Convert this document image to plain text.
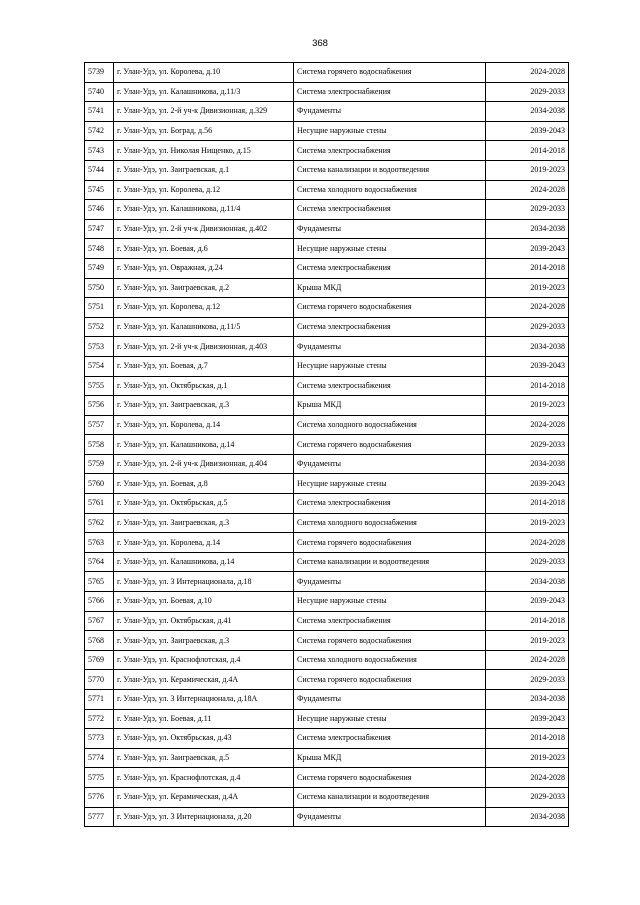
368
5739	г. Улан-Удэ, ул. Королева, д.10	Система горячего водоснабжения	2024-2028
5740	г. Улан-Удэ, ул. Калашникова, д.11/3	Система электроснабжения	2029-2033
5741	г. Улан-Удэ, ул. 2-й уч-к Дивизионная, д.329	Фундаменты	2034-2038
5742	г. Улан-Удэ, ул. Боград, д.56	Несущие наружные стены	2039-2043
5743	г. Улан-Удэ, ул. Николая Нищенко, д.15	Система электроснабжения	2014-2018
5744	г. Улан-Удэ, ул. Заиграевская, д.1	Система канализации и водоотведения	2019-2023
5745	г. Улан-Удэ, ул. Королева, д.12	Система холодного водоснабжения	2024-2028
5746	г. Улан-Удэ, ул. Калашникова, д.11/4	Система электроснабжения	2029-2033
5747	г. Улан-Удэ, ул. 2-й уч-к Дивизионная, д.402	Фундаменты	2034-2038
5748	г. Улан-Удэ, ул. Боевая, д.6	Несущие наружные стены	2039-2043
5749	г. Улан-Удэ, ул. Овражная, д.24	Система электроснабжения	2014-2018
5750	г. Улан-Удэ, ул. Заиграевская, д.2	Крыша МКД	2019-2023
5751	г. Улан-Удэ, ул. Королева, д.12	Система горячего водоснабжения	2024-2028
5752	г. Улан-Удэ, ул. Калашникова, д.11/5	Система электроснабжения	2029-2033
5753	г. Улан-Удэ, ул. 2-й уч-к Дивизионная, д.403	Фундаменты	2034-2038
5754	г. Улан-Удэ, ул. Боевая, д.7	Несущие наружные стены	2039-2043
5755	г. Улан-Удэ, ул. Октябрьская, д.1	Система электроснабжения	2014-2018
5756	г. Улан-Удэ, ул. Заиграевская, д.3	Крыша МКД	2019-2023
5757	г. Улан-Удэ, ул. Королева, д.14	Система холодного водоснабжения	2024-2028
5758	г. Улан-Удэ, ул. Калашникова, д.14	Система горячего водоснабжения	2029-2033
5759	г. Улан-Удэ, ул. 2-й уч-к Дивизионная, д.404	Фундаменты	2034-2038
5760	г. Улан-Удэ, ул. Боевая, д.8	Несущие наружные стены	2039-2043
5761	г. Улан-Удэ, ул. Октябрьская, д.5	Система электроснабжения	2014-2018
5762	г. Улан-Удэ, ул. Заиграевская, д.3	Система холодного водоснабжения	2019-2023
5763	г. Улан-Удэ, ул. Королева, д.14	Система горячего водоснабжения	2024-2028
5764	г. Улан-Удэ, ул. Калашникова, д.14	Система канализации и водоотведения	2029-2033
5765	г. Улан-Удэ, ул. 3 Интернационала, д.18	Фундаменты	2034-2038
5766	г. Улан-Удэ, ул. Боевая, д.10	Несущие наружные стены	2039-2043
5767	г. Улан-Удэ, ул. Октябрьская, д.41	Система электроснабжения	2014-2018
5768	г. Улан-Удэ, ул. Заиграевская, д.3	Система горячего водоснабжения	2019-2023
5769	г. Улан-Удэ, ул. Краснофлотская, д.4	Система холодного водоснабжения	2024-2028
5770	г. Улан-Удэ, ул. Керамическая, д.4А	Система горячего водоснабжения	2029-2033
5771	г. Улан-Удэ, ул. 3 Интернационала, д.18А	Фундаменты	2034-2038
5772	г. Улан-Удэ, ул. Боевая, д.11	Несущие наружные стены	2039-2043
5773	г. Улан-Удэ, ул. Октябрьская, д.43	Система электроснабжения	2014-2018
5774	г. Улан-Удэ, ул. Заиграевская, д.5	Крыша МКД	2019-2023
5775	г. Улан-Удэ, ул. Краснофлотская, д.4	Система горячего водоснабжения	2024-2028
5776	г. Улан-Удэ, ул. Керамическая, д.4А	Система канализации и водоотведения	2029-2033
5777	г. Улан-Удэ, ул. 3 Интернационала, д.20	Фундаменты	2034-2038
